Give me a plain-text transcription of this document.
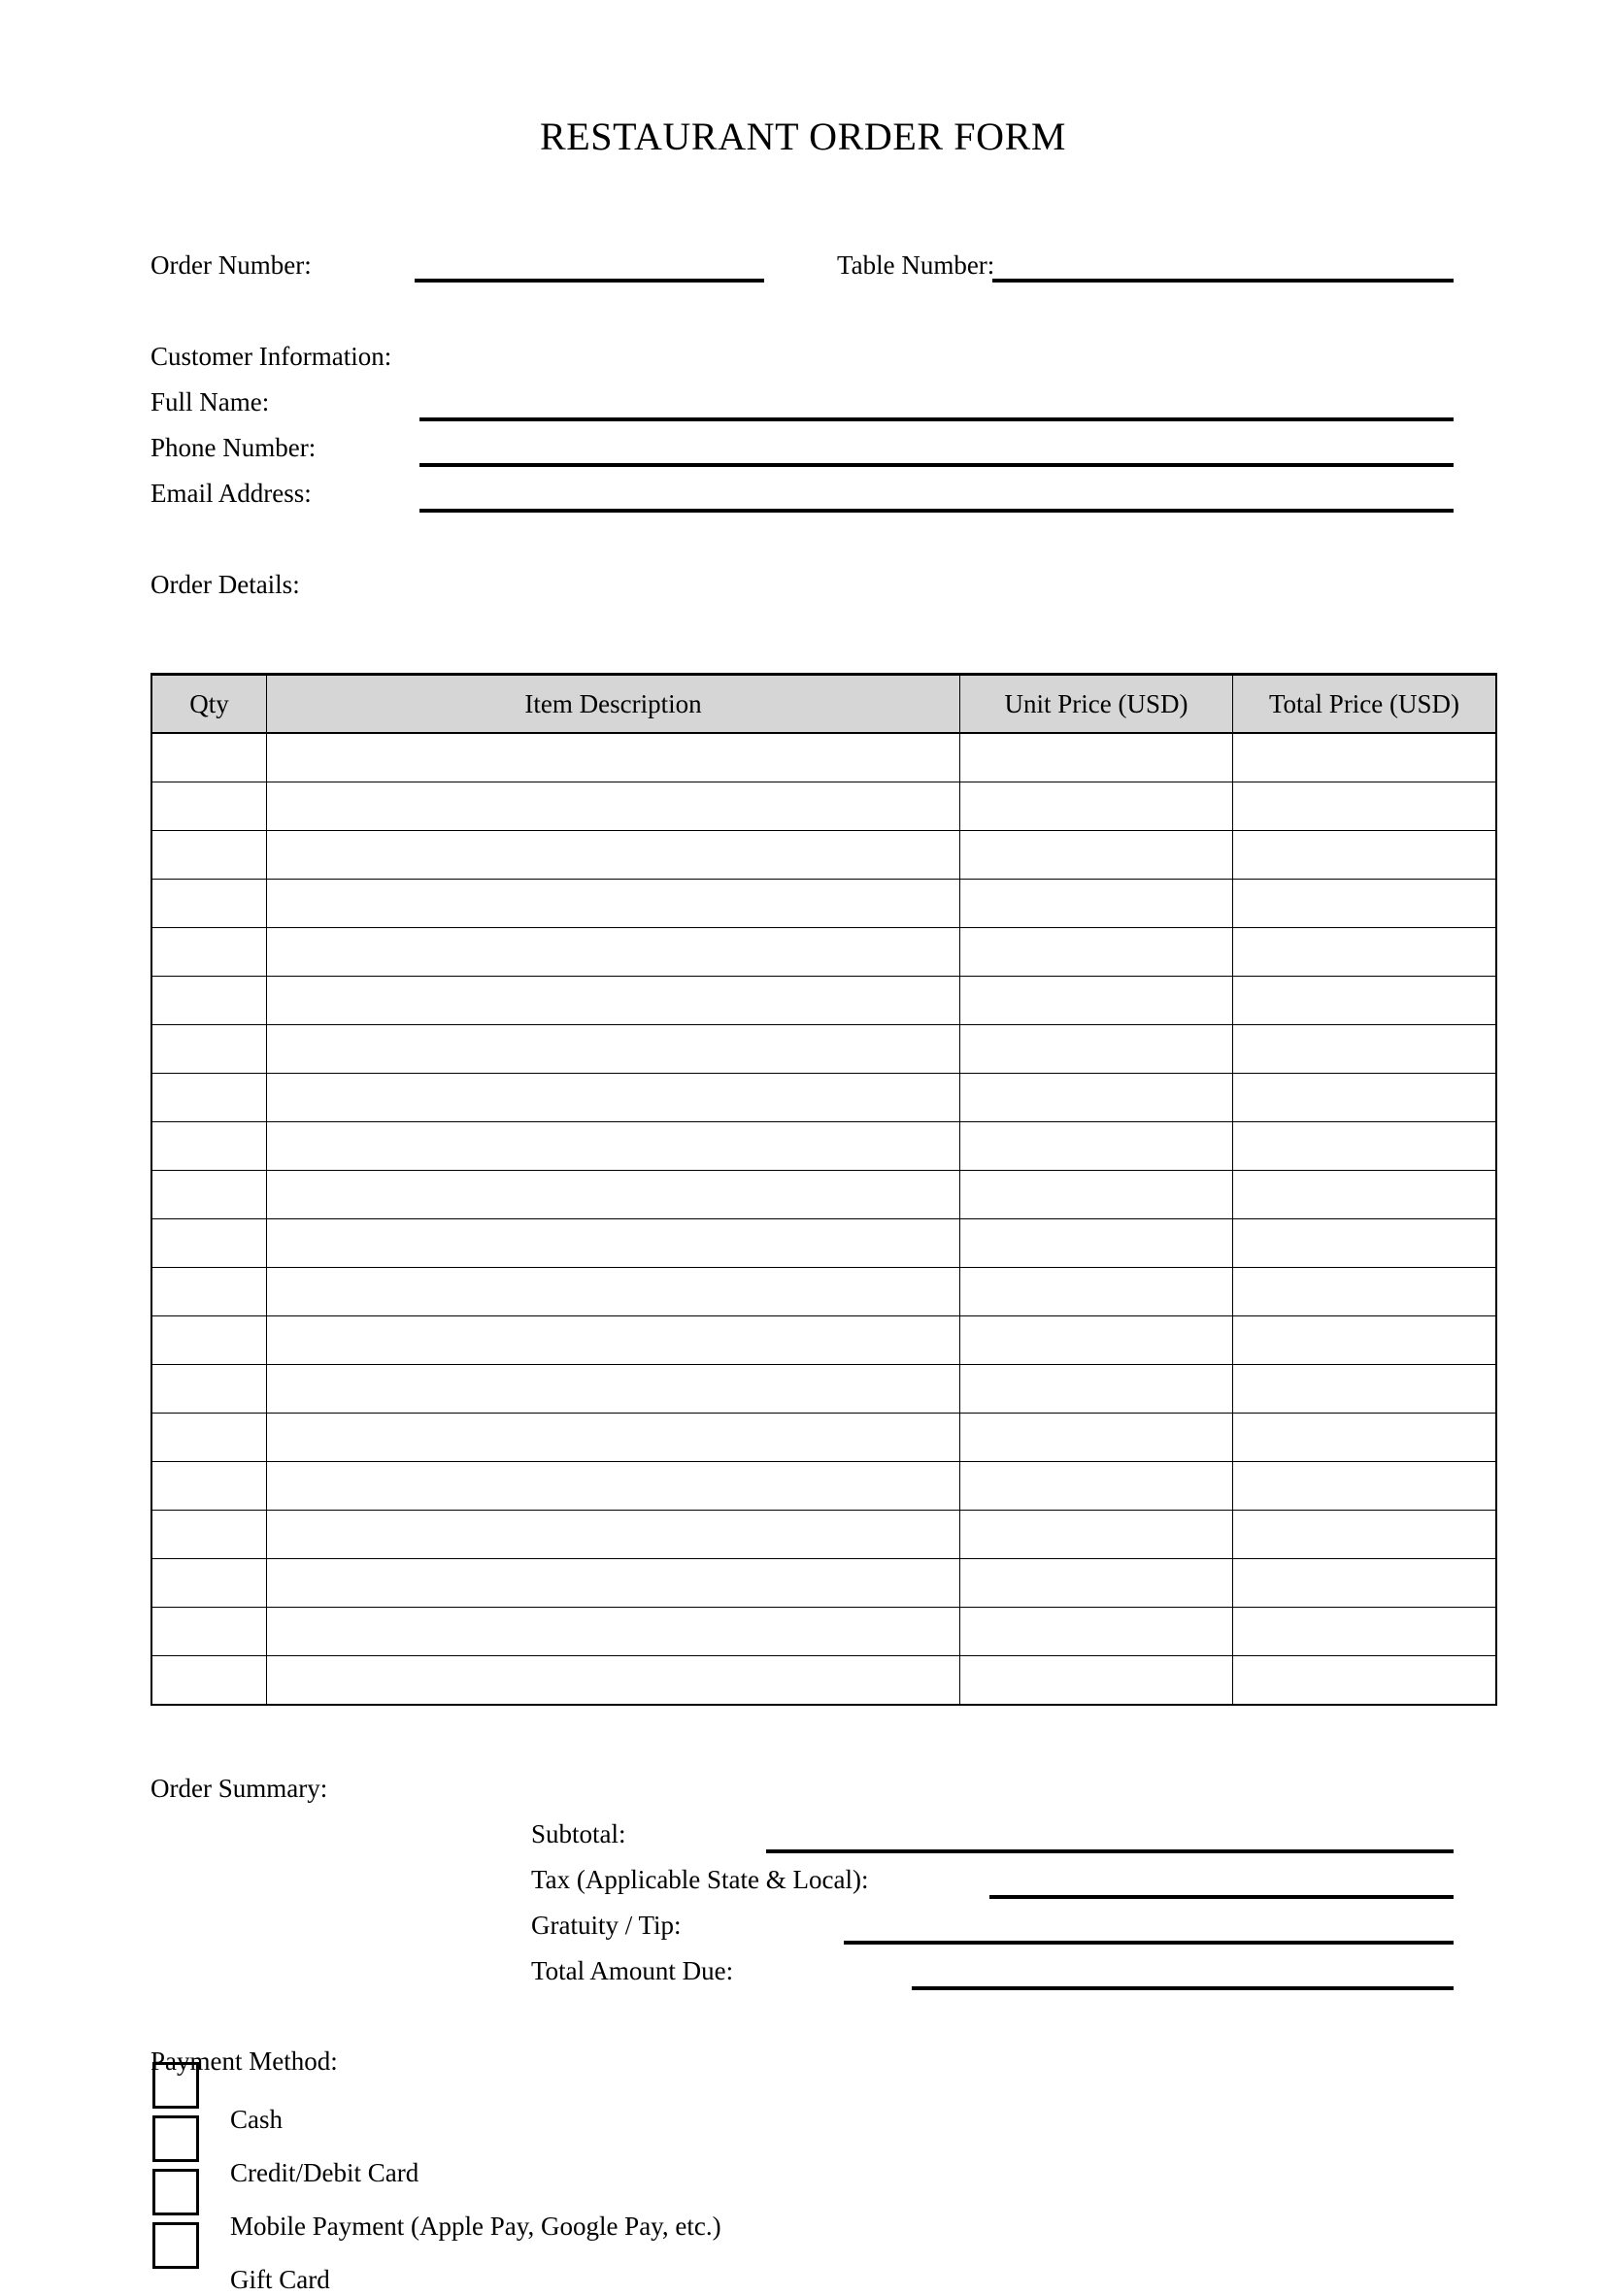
RESTAURANT ORDER FORM
Order Number:	Table Number:
Customer Information:
Full Name:
Phone Number:
Email Address:
Order Details:
Qty	Item Description	Unit Price (USD)	Total Price (USD)

Order Summary:
Subtotal:
Tax (Applicable State & Local):
Gratuity / Tip:
Total Amount Due:
Payment Method:
Cash
Credit/Debit Card
Mobile Payment (Apple Pay, Google Pay, etc.)
Gift Card
